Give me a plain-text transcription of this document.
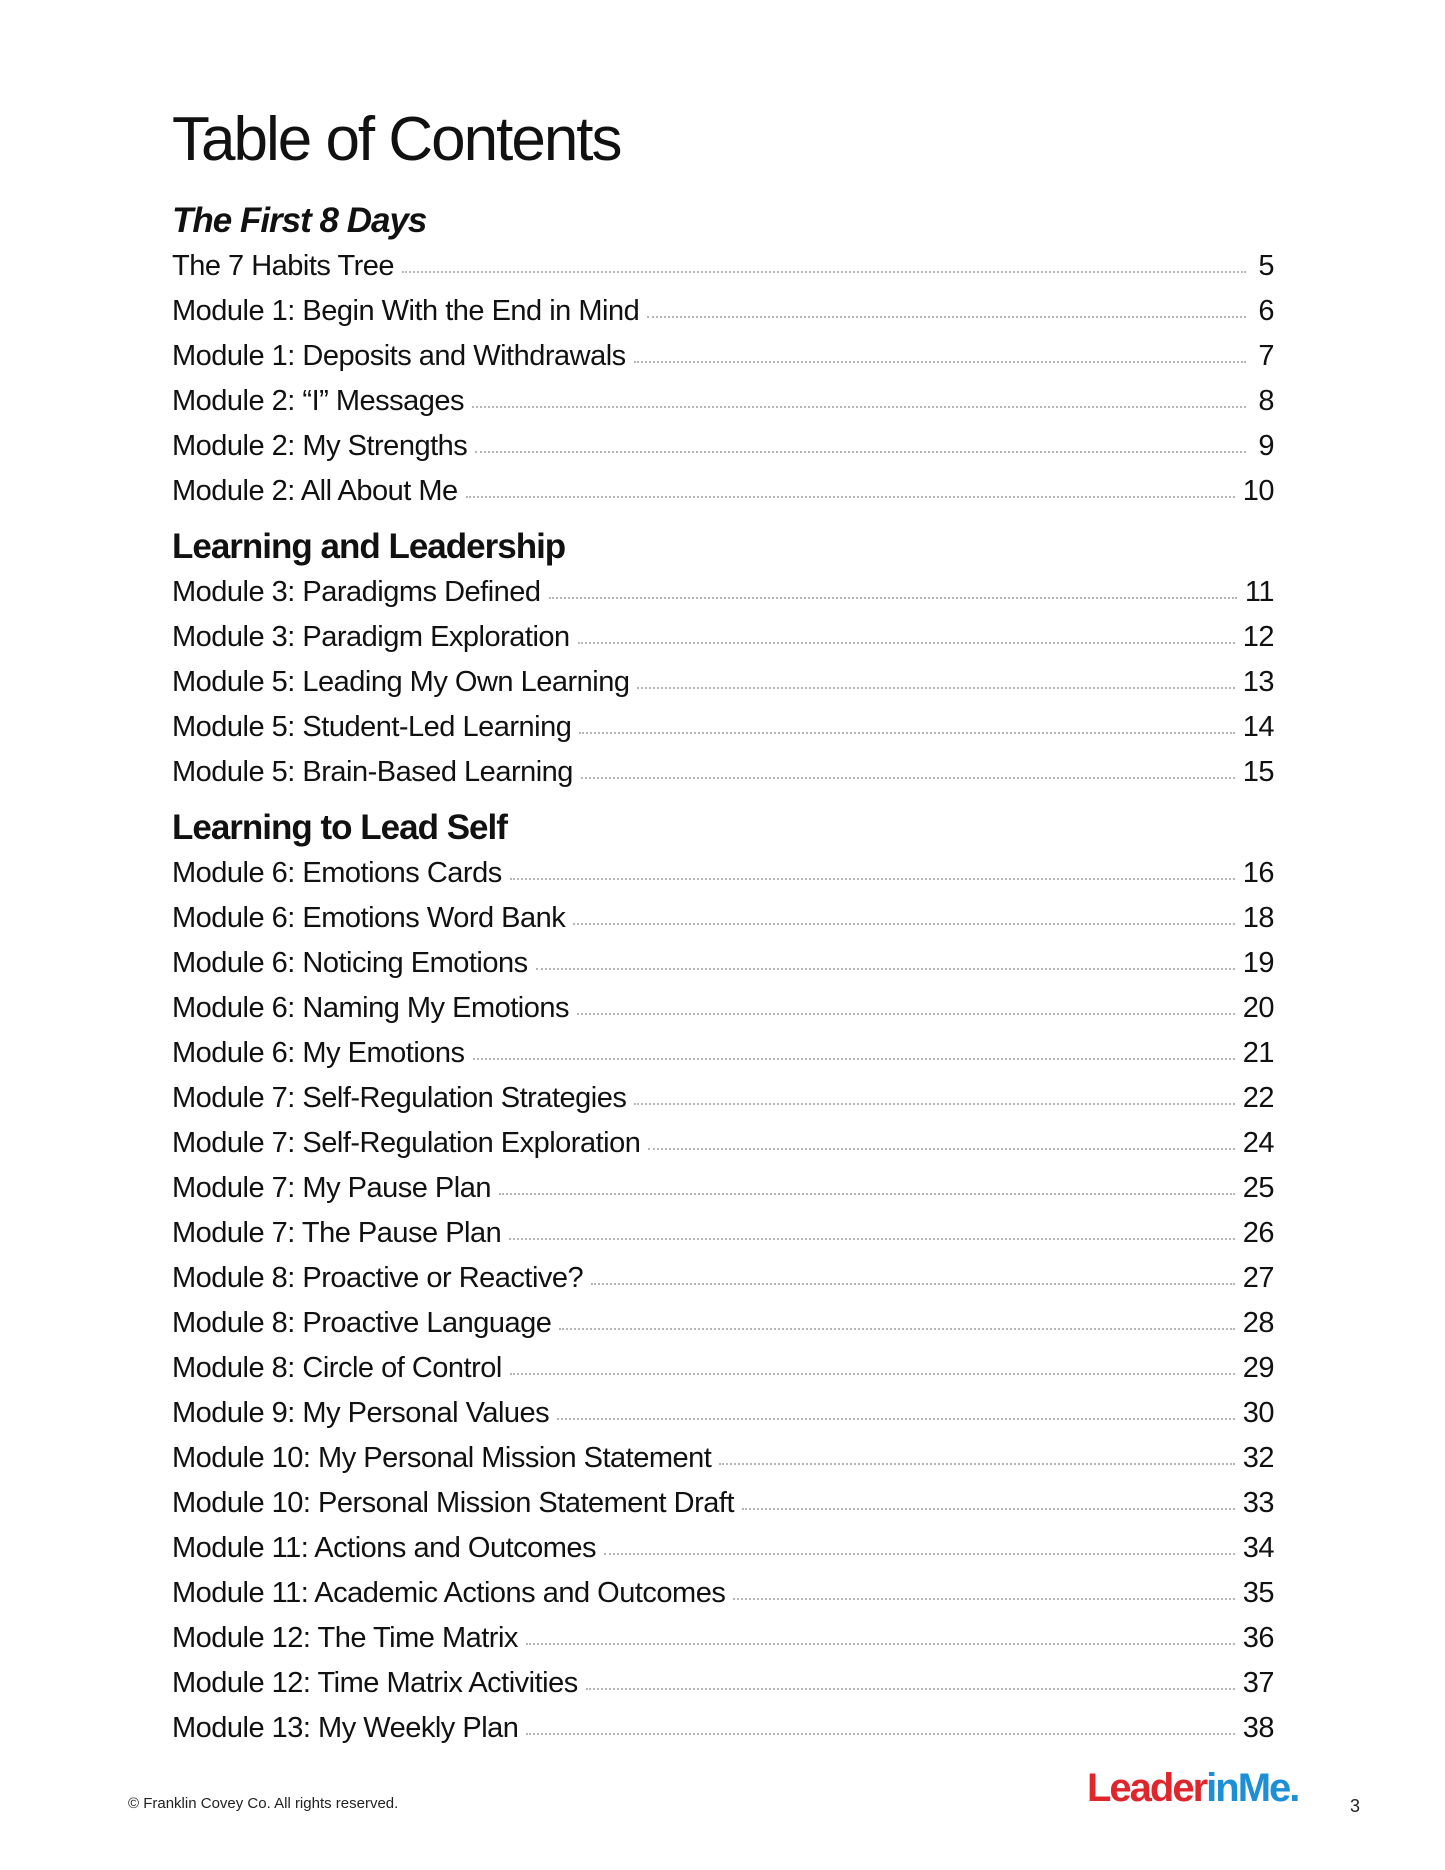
Table of Contents
The First 8 Days
The 7 Habits Tree	5
Module 1: Begin With the End in Mind	6
Module 1: Deposits and Withdrawals	7
Module 2: “I” Messages	8
Module 2: My Strengths	9
Module 2: All About Me	10
Learning and Leadership
Module 3: Paradigms Defined	11
Module 3: Paradigm Exploration	12
Module 5: Leading My Own Learning	13
Module 5: Student-Led Learning	14
Module 5: Brain-Based Learning	15
Learning to Lead Self
Module 6: Emotions Cards	16
Module 6: Emotions Word Bank	18
Module 6: Noticing Emotions	19
Module 6: Naming My Emotions	20
Module 6: My Emotions	21
Module 7: Self-Regulation Strategies	22
Module 7: Self-Regulation Exploration	24
Module 7: My Pause Plan	25
Module 7: The Pause Plan	26
Module 8: Proactive or Reactive?	27
Module 8: Proactive Language	28
Module 8: Circle of Control	29
Module 9: My Personal Values	30
Module 10: My Personal Mission Statement	32
Module 10: Personal Mission Statement Draft	33
Module 11: Actions and Outcomes	34
Module 11: Academic Actions and Outcomes	35
Module 12: The Time Matrix	36
Module 12: Time Matrix Activities	37
Module 13: My Weekly Plan	38
© Franklin Covey Co. All rights reserved.	LeaderinMe.	3
